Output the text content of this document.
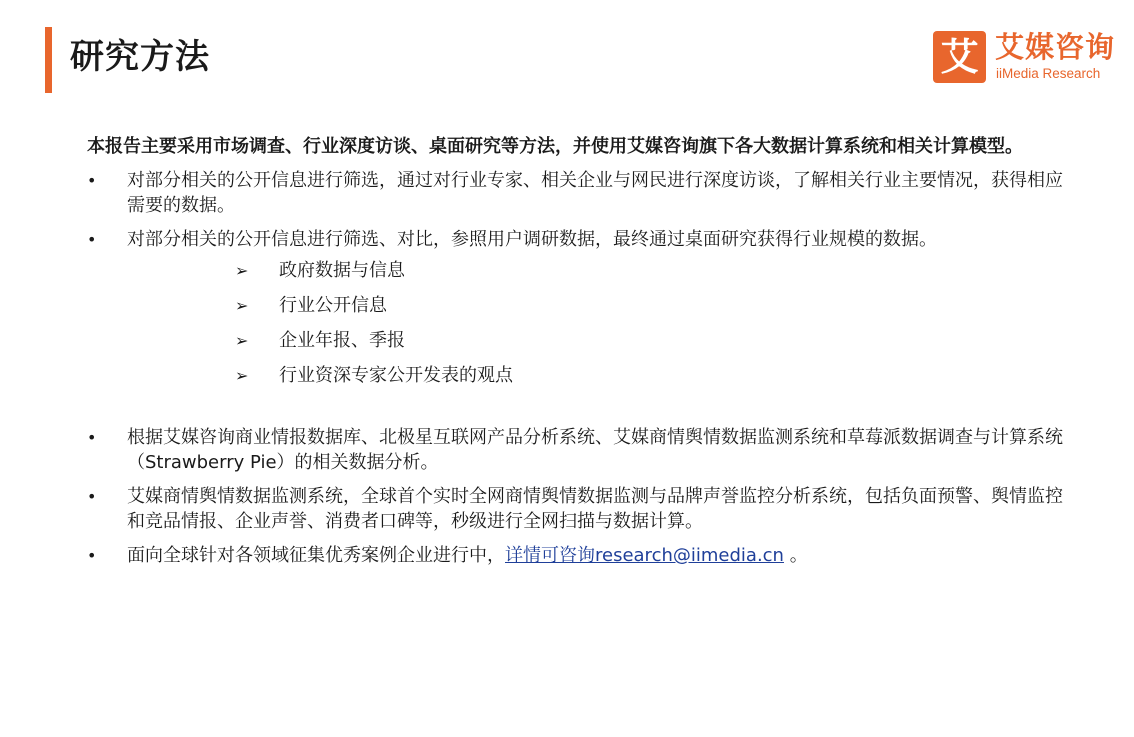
研究方法	艾 艾媒咨询
iiMedia Research

本报告主要采用市场调查、行业深度访谈、桌面研究等方法，并使用艾媒咨询旗下各大数据计算系统和相关计算模型。

•	对部分相关的公开信息进行筛选，通过对行业专家、相关企业与网民进行深度访谈，了解相关行业主要情况，获得相应需要的数据。
•	对部分相关的公开信息进行筛选、对比，参照用户调研数据，最终通过桌面研究获得行业规模的数据。
➢ 政府数据与信息
➢ 行业公开信息
➢ 企业年报、季报
➢ 行业资深专家公开发表的观点
•	根据艾媒咨询商业情报数据库、北极星互联网产品分析系统、艾媒商情舆情数据监测系统和草莓派数据调查与计算系统（Strawberry Pie）的相关数据分析。
•	艾媒商情舆情数据监测系统，全球首个实时全网商情舆情数据监测与品牌声誉监控分析系统，包括负面预警、舆情监控和竞品情报、企业声誉、消费者口碑等，秒级进行全网扫描与数据计算。
•	面向全球针对各领域征集优秀案例企业进行中，详情可咨询research@iimedia.cn 。
